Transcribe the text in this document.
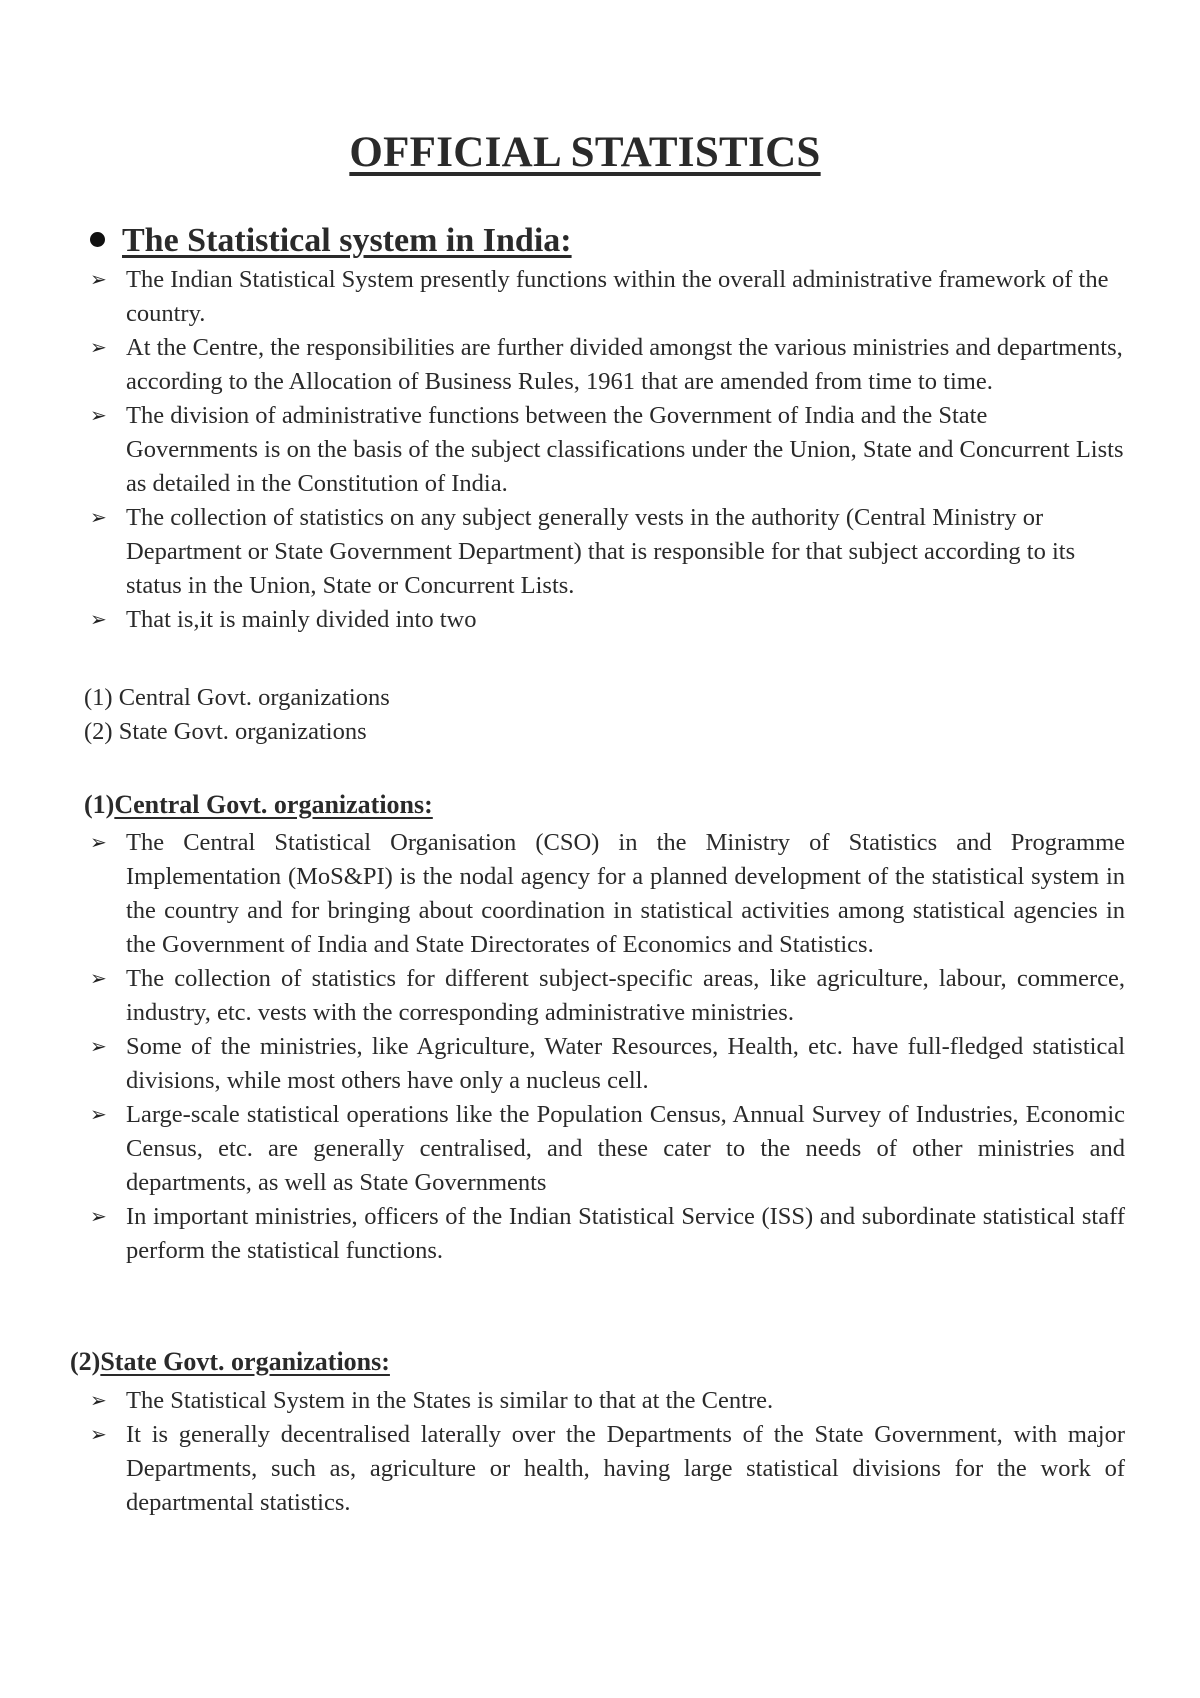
OFFICIAL STATISTICS
The Statistical system in India:
➢ The Indian Statistical System presently functions within the overall administrative framework of the country.
➢ At the Centre, the responsibilities are further divided amongst the various ministries and departments, according to the Allocation of Business Rules, 1961 that are amended from time to time.
➢ The division of administrative functions between the Government of India and the State Governments is on the basis of the subject classifications under the Union, State and Concurrent Lists as detailed in the Constitution of India.
➢ The collection of statistics on any subject generally vests in the authority (Central Ministry or Department or State Government Department) that is responsible for that subject according to its status in the Union, State or Concurrent Lists.
➢ That is,it is mainly divided into two

(1) Central Govt. organizations

(2) State Govt. organizations

(1)Central Govt. organizations:
➢ The Central Statistical Organisation (CSO) in the Ministry of Statistics and Programme Implementation (MoS&PI) is the nodal agency for a planned development of the statistical system in the country and for bringing about coordination in statistical activities among statistical agencies in the Government of India and State Directorates of Economics and Statistics.
➢ The collection of statistics for different subject-specific areas, like agriculture, labour, commerce, industry, etc. vests with the corresponding administrative ministries.
➢ Some of the ministries, like Agriculture, Water Resources, Health, etc. have full-fledged statistical divisions, while most others have only a nucleus cell.
➢ Large-scale statistical operations like the Population Census, Annual Survey of Industries, Economic Census, etc. are generally centralised, and these cater to the needs of other ministries and departments, as well as State Governments
➢ In important ministries, officers of the Indian Statistical Service (ISS) and subordinate statistical staff perform the statistical functions.
(2)State Govt. organizations:
➢ The Statistical System in the States is similar to that at the Centre.
➢ It is generally decentralised laterally over the Departments of the State Government, with major Departments, such as, agriculture or health, having large statistical divisions for the work of departmental statistics.
